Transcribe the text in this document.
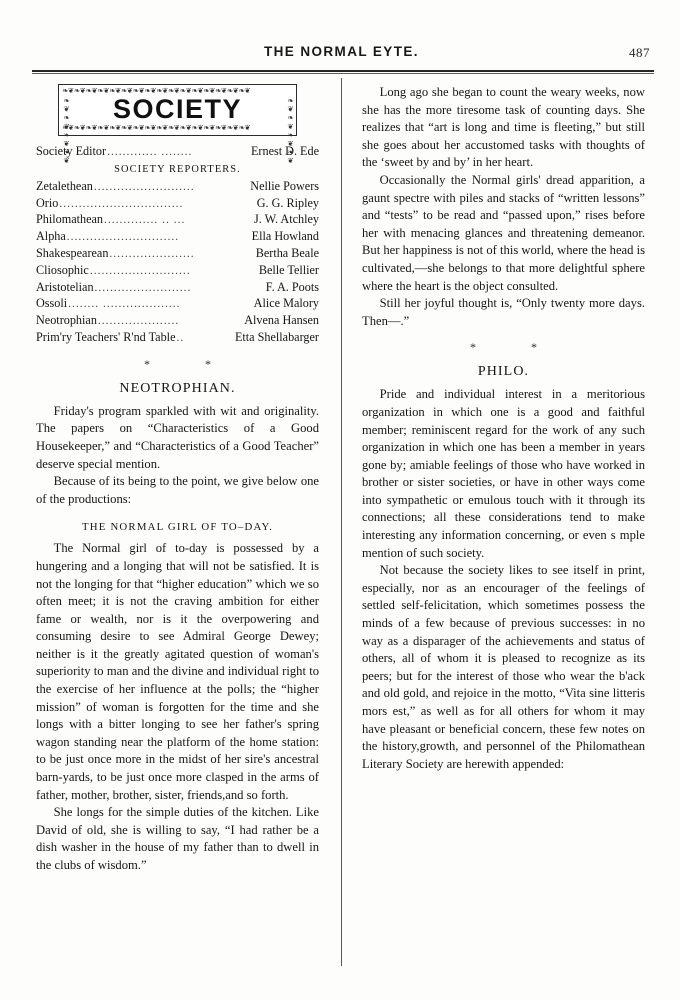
THE NORMAL EYTE.	487
❧❦❧❦❧❦❧❦❧❦❧❦❧❦❧❦❧❦❧❦❧❦❧❦❧❦❧❦❧❦❧❦
❧❦❧❦❧❦❧❦❧❦❧❦❧❦❧❦❧❦❧❦❧❦❧❦❧❦❧❦❧❦❧❦
❧❦❧❦❧❦❧❦	❧❦❧❦❧❦❧❦
SOCIETY
Society Editor ............. ........	Ernest D. Ede
SOCIETY REPORTERS.
Zetalethean ..........................	Nellie Powers
Orio ................................	G. G. Ripley
Philomathean .............. .. ...	J. W. Atchley
Alpha .............................	Ella Howland
Shakespearean ......................	Bertha Beale
Cliosophic ..........................	Belle Tellier
Aristotelian .........................	F. A. Poots
Ossoli ........ ....................	Alice Malory
Neotrophian .....................	Alvena Hansen
Prim'ry Teachers' R'nd Table ..	Etta Shellabarger
* *
NEOTROPHIAN.

Friday's program sparkled with wit and originality. The papers on “Characteristics of a Good Housekeeper,” and “Characteristics of a Good Teacher” deserve special mention.

Because of its being to the point, we give below one of the productions:

THE NORMAL GIRL OF TO–DAY.

The Normal girl of to-day is possessed by a hungering and a longing that will not be satisfied. It is not the longing for that “higher education” which we so often meet; it is not the craving ambition for either fame or wealth, nor is it the overpowering and consuming desire to see Admiral George Dewey; neither is it the greatly agitated question of woman's superiority to man and the divine and individual right to the exercise of her influence at the polls; the “higher mission” of woman is forgotten for the time and she longs with a bitter longing to see her father's spring wagon standing near the platform of the home station: to be just once more in the midst of her sire's ancestral barn-yards, to be just once more clasped in the arms of father, mother, brother, sister, friends,and so forth.

She longs for the simple duties of the kitchen. Like David of old, she is willing to say, “I had rather be a dish washer in the house of my father than to dwell in the clubs of wisdom.”

Long ago she began to count the weary weeks, now she has the more tiresome task of counting days. She realizes that “art is long and time is fleeting,” but still she goes about her accustomed tasks with thoughts of the ‘sweet by and by’ in her heart.

Occasionally the Normal girls' dread apparition, a gaunt spectre with piles and stacks of “written lessons” and “tests” to be read and “passed upon,” rises before her with menacing glances and threatening demeanor. But her happiness is not of this world, where the head is cultivated,—she belongs to that more delightful sphere where the heart is the object consulted.

Still her joyful thought is, “Only twenty more days. Then—.”

* *
PHILO.

Pride and individual interest in a meritorious organization in which one is a good and faithful member; reminiscent regard for the work of any such organization in which one has been a member in years gone by; amiable feelings of those who have worked in brother or sister societies, or have in other ways come into sympathetic or emulous touch with it through its connections; all these considerations tend to make interesting any information concerning, or even s mple mention of such society.

Not because the society likes to see itself in print, especially, nor as an encourager of the feelings of settled self-felicitation, which sometimes possess the minds of a few because of previous successes: in no way as a disparager of the achievements and status of others, all of whom it is pleased to recognize as its peers; but for the interest of those who wear the b'ack and old gold, and rejoice in the motto, “Vita sine litteris mors est,” as well as for all others for whom it may have pleasant or beneficial concern, these few notes on the history,growth, and personnel of the Philomathean Literary Society are herewith appended:
